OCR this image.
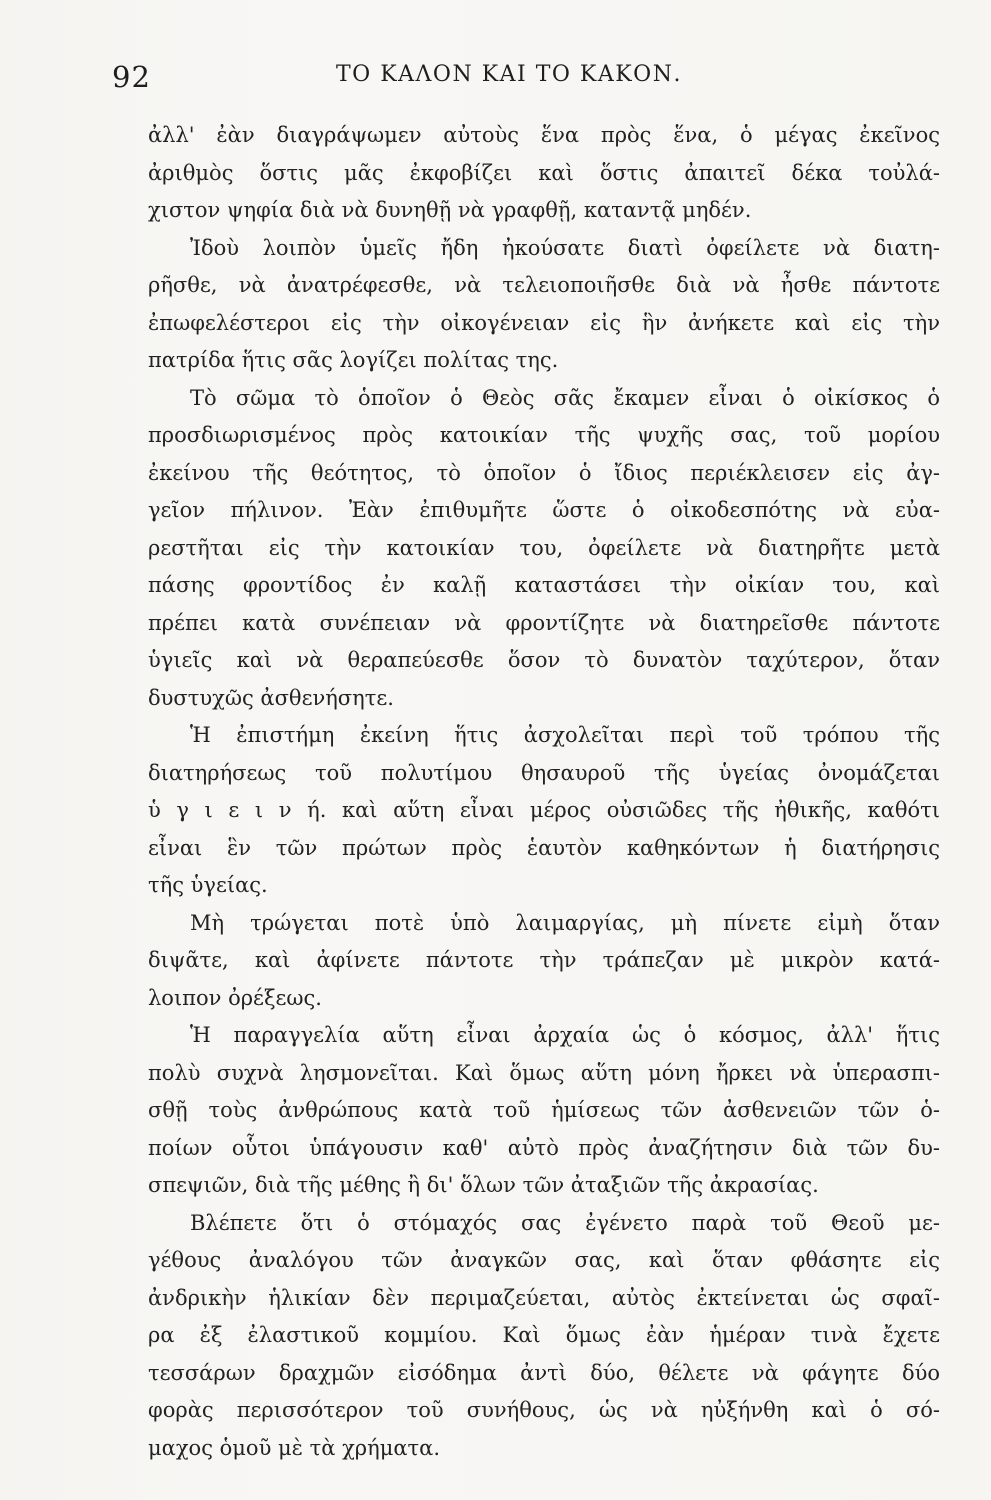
92	ΤΟ ΚΑΛΟΝ ΚΑΙ ΤΟ ΚΑΚΟΝ.
ἀλλ' ἐὰν διαγράψωμεν αὐτοὺς ἕνα πρὸς ἕνα, ὁ μέγας ἐκεῖνος
ἀριθμὸς ὅστις μᾶς ἐκφοβίζει καὶ ὅστις ἀπαιτεῖ δέκα τοὐλά-
χιστον ψηφία διὰ νὰ δυνηθῇ νὰ γραφθῇ, καταντᾷ μηδέν.
Ἰδοὺ λοιπὸν ὑμεῖς ἤδη ἠκούσατε διατὶ ὀφείλετε νὰ διατη-
ρῆσθε, νὰ ἀνατρέφεσθε, νὰ τελειοποιῆσθε διὰ νὰ ἦσθε πάντοτε
ἐπωφελέστεροι εἰς τὴν οἰκογένειαν εἰς ἣν ἀνήκετε καὶ εἰς τὴν
πατρίδα ἥτις σᾶς λογίζει πολίτας της.
Τὸ σῶμα τὸ ὁποῖον ὁ Θεὸς σᾶς ἔκαμεν εἶναι ὁ οἰκίσκος ὁ
προσδιωρισμένος πρὸς κατοικίαν τῆς ψυχῆς σας, τοῦ μορίου
ἐκείνου τῆς θεότητος, τὸ ὁποῖον ὁ ἴδιος περιέκλεισεν εἰς ἀγ-
γεῖον πήλινον. Ἐὰν ἐπιθυμῆτε ὥστε ὁ οἰκοδεσπότης νὰ εὐα-
ρεστῆται εἰς τὴν κατοικίαν του, ὀφείλετε νὰ διατηρῆτε μετὰ
πάσης φροντίδος ἐν καλῇ καταστάσει τὴν οἰκίαν του, καὶ
πρέπει κατὰ συνέπειαν νὰ φροντίζητε νὰ διατηρεῖσθε πάντοτε
ὑγιεῖς καὶ νὰ θεραπεύεσθε ὅσον τὸ δυνατὸν ταχύτερον, ὅταν
δυστυχῶς ἀσθενήσητε.
Ἡ ἐπιστήμη ἐκείνη ἥτις ἀσχολεῖται περὶ τοῦ τρόπου τῆς
διατηρήσεως τοῦ πολυτίμου θησαυροῦ τῆς ὑγείας ὀνομάζεται
ὑ γ ι ε ι ν ή. καὶ αὕτη εἶναι μέρος οὐσιῶδες τῆς ἠθικῆς, καθότι
εἶναι ἓν τῶν πρώτων πρὸς ἑαυτὸν καθηκόντων ἡ διατήρησις
τῆς ὑγείας.
Μὴ τρώγεται ποτὲ ὑπὸ λαιμαργίας, μὴ πίνετε εἰμὴ ὅταν
διψᾶτε, καὶ ἀφίνετε πάντοτε τὴν τράπεζαν μὲ μικρὸν κατά-
λοιπον ὀρέξεως.
Ἡ παραγγελία αὕτη εἶναι ἀρχαία ὡς ὁ κόσμος, ἀλλ' ἥτις
πολὺ συχνὰ λησμονεῖται. Καὶ ὅμως αὕτη μόνη ἤρκει νὰ ὑπερασπι-
σθῇ τοὺς ἀνθρώπους κατὰ τοῦ ἡμίσεως τῶν ἀσθενειῶν τῶν ὁ-
ποίων οὗτοι ὑπάγουσιν καθ' αὐτὸ πρὸς ἀναζήτησιν διὰ τῶν δυ-
σπεψιῶν, διὰ τῆς μέθης ἢ δι' ὅλων τῶν ἀταξιῶν τῆς ἀκρασίας.
Βλέπετε ὅτι ὁ στόμαχός σας ἐγένετο παρὰ τοῦ Θεοῦ με-
γέθους ἀναλόγου τῶν ἀναγκῶν σας, καὶ ὅταν φθάσητε εἰς
ἀνδρικὴν ἡλικίαν δὲν περιμαζεύεται, αὐτὸς ἐκτείνεται ὡς σφαῖ-
ρα ἐξ ἐλαστικοῦ κομμίου. Καὶ ὅμως ἐὰν ἡμέραν τινὰ ἔχετε
τεσσάρων δραχμῶν εἰσόδημα ἀντὶ δύο, θέλετε νὰ φάγητε δύο
φορὰς περισσότερον τοῦ συνήθους, ὡς νὰ ηὐξήνθη καὶ ὁ σό-
μαχος ὁμοῦ μὲ τὰ χρήματα.
